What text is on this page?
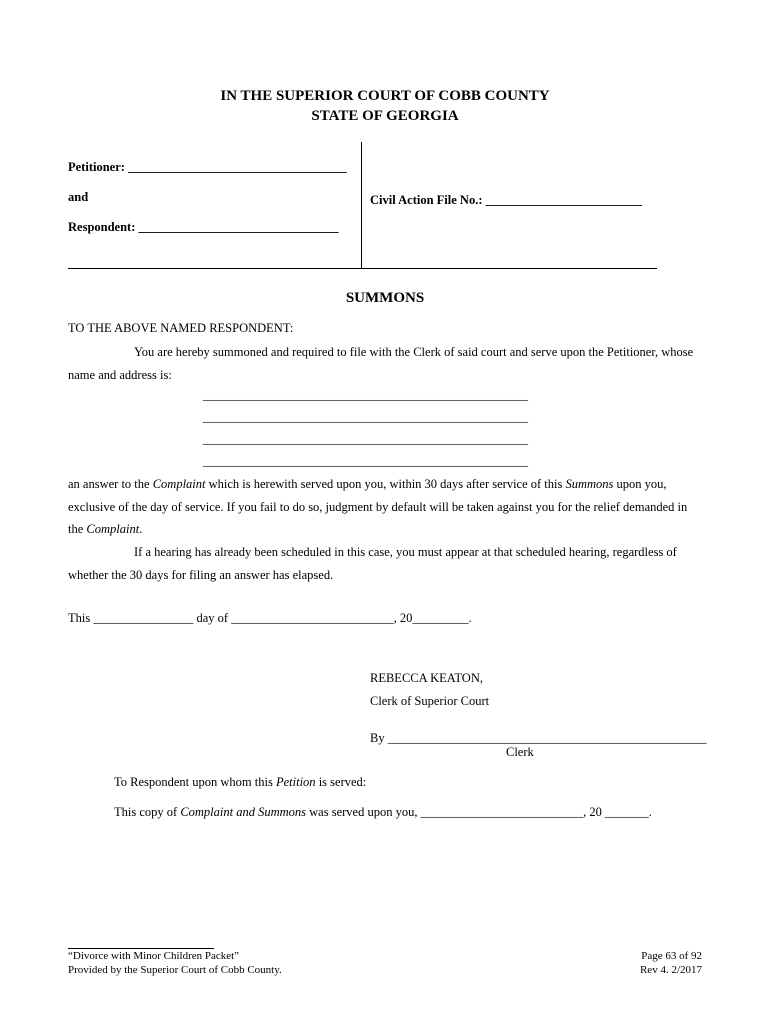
IN THE SUPERIOR COURT OF COBB COUNTY
STATE OF GEORGIA
Petitioner: ___________________________________
and
Respondent: ________________________________
Civil Action File No.: _________________________
SUMMONS
TO THE ABOVE NAMED RESPONDENT:
You are hereby summoned and required to file with the Clerk of said court and serve upon the Petitioner, whose
name and address is:
____________________________________________________
____________________________________________________
____________________________________________________
____________________________________________________
an answer to the Complaint which is herewith served upon you, within 30 days after service of this Summons upon you,
exclusive of the day of service. If you fail to do so, judgment by default will be taken against you for the relief demanded in
the Complaint.
If a hearing has already been scheduled in this case, you must appear at that scheduled hearing, regardless of
whether the 30 days for filing an answer has elapsed.
This ________________ day of __________________________, 20_________.
REBECCA KEATON,
Clerk of Superior Court
By ___________________________________________________
Clerk
To Respondent upon whom this Petition is served:
This copy of Complaint and Summons was served upon you, __________________________, 20 _______.
“Divorce with Minor Children Packet”
Provided by the Superior Court of Cobb County.
Page 63 of 92
Rev 4. 2/2017
